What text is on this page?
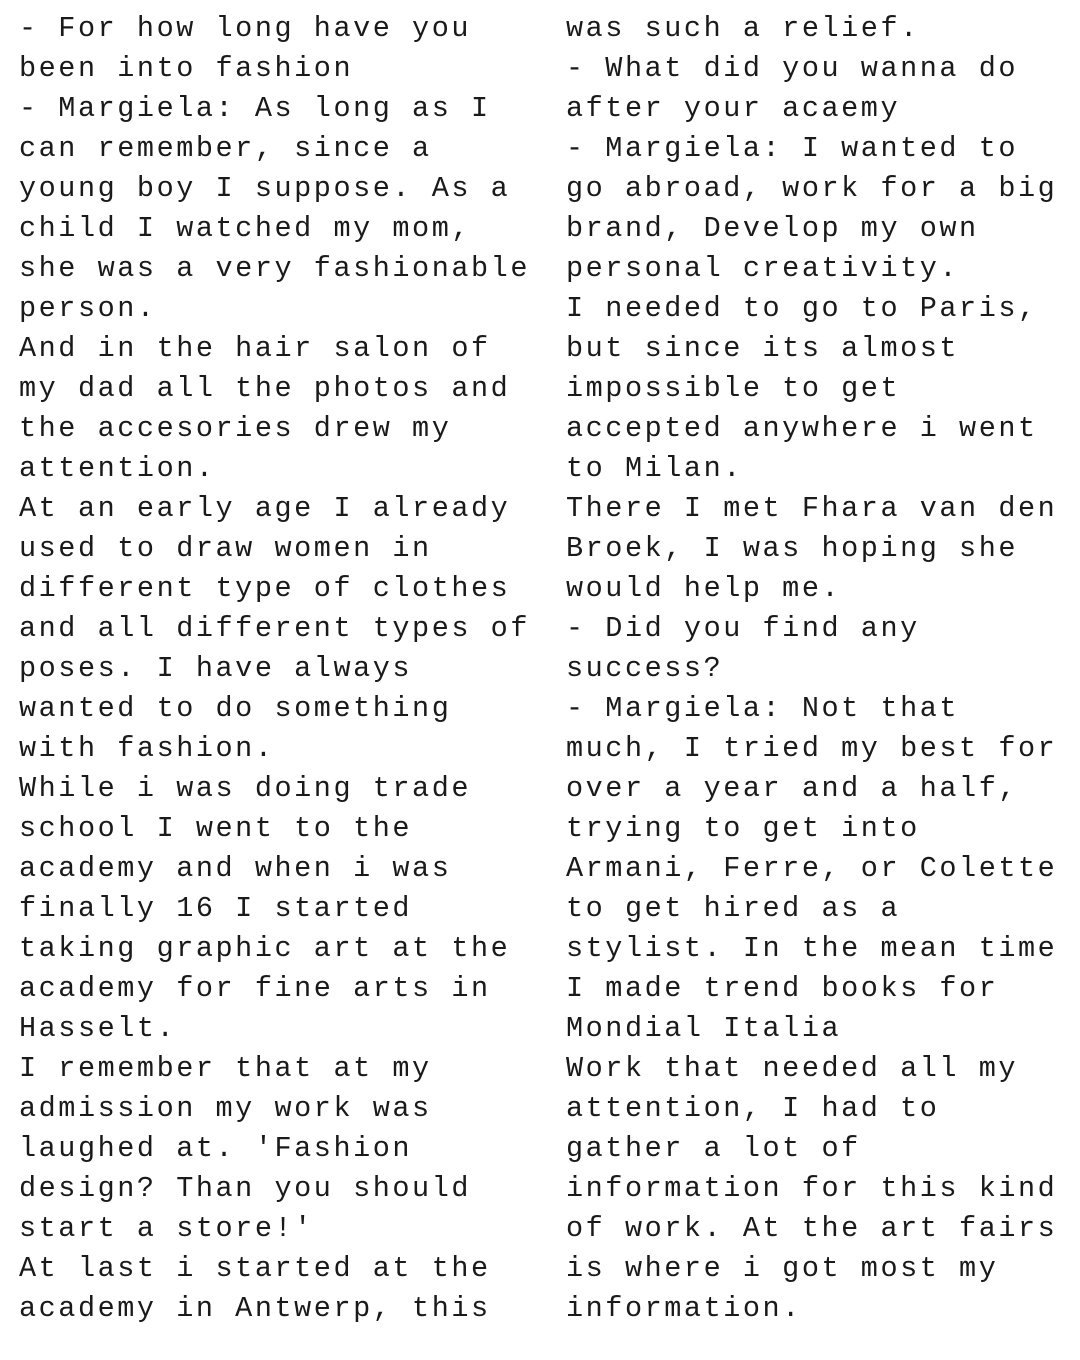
- For how long have you
been into fashion
- Margiela: As long as I
can remember, since a
young boy I suppose. As a
child I watched my mom,
she was a very fashionable
person.
And in the hair salon of
my dad all the photos and
the accesories drew my
attention.
At an early age I already
used to draw women in
different type of clothes
and all different types of
poses. I have always
wanted to do something
with fashion.
While i was doing trade
school I went to the
academy and when i was
finally 16 I started
taking graphic art at the
academy for fine arts in
Hasselt.
I remember that at my
admission my work was
laughed at. 'Fashion
design? Than you should
start a store!'
At last i started at the
academy in Antwerp, this
was such a relief.
- What did you wanna do
after your acaemy
- Margiela: I wanted to
go abroad, work for a big
brand, Develop my own
personal creativity.
I needed to go to Paris,
but since its almost
impossible to get
accepted anywhere i went
to Milan.
There I met Fhara van den
Broek, I was hoping she
would help me.
- Did you find any
success?
- Margiela: Not that
much, I tried my best for
over a year and a half,
trying to get into
Armani, Ferre, or Colette
to get hired as a
stylist. In the mean time
I made trend books for
Mondial Italia
Work that needed all my
attention, I had to
gather a lot of
information for this kind
of work. At the art fairs
is where i got most my
information.
